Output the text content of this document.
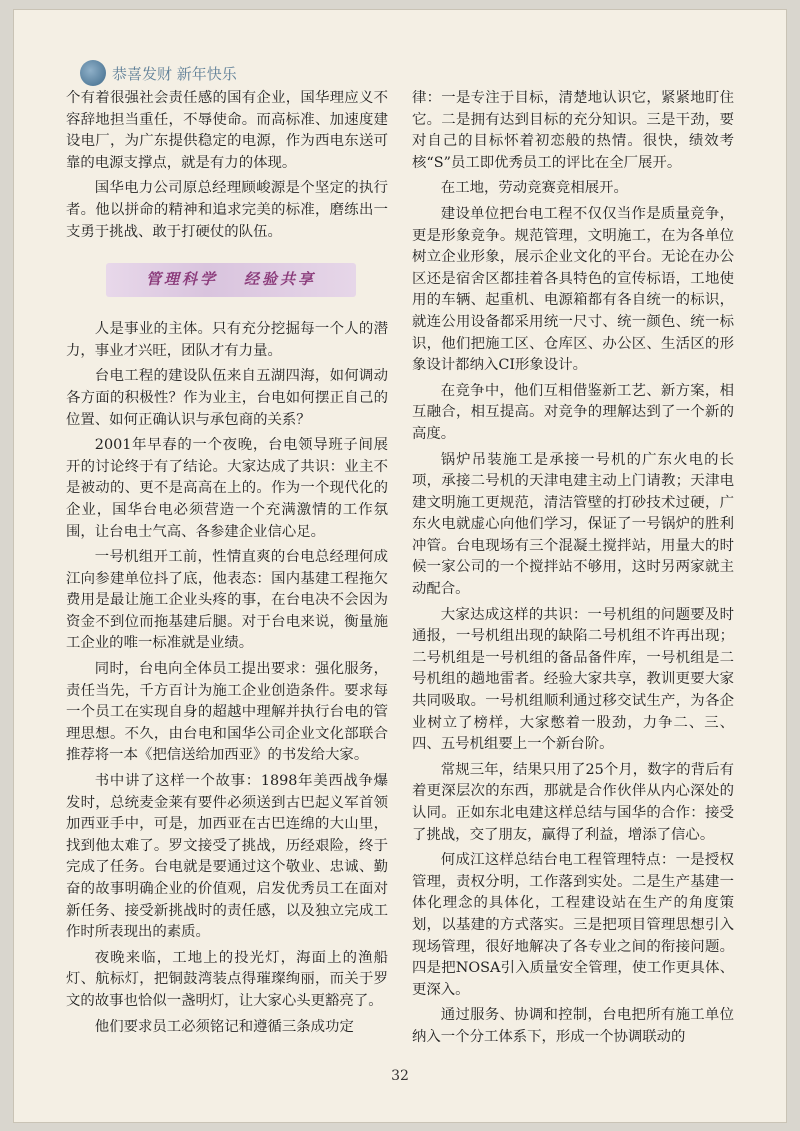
恭喜发财 新年快乐

个有着很强社会责任感的国有企业，国华理应义不容辞地担当重任，不辱使命。而高标准、加速度建设电厂，为广东提供稳定的电源，作为西电东送可靠的电源支撑点，就是有力的体现。

国华电力公司原总经理顾峻源是个坚定的执行者。他以拼命的精神和追求完美的标准，磨练出一支勇于挑战、敢于打硬仗的队伍。

管理科学 经验共享

人是事业的主体。只有充分挖掘每一个人的潜力，事业才兴旺，团队才有力量。

台电工程的建设队伍来自五湖四海，如何调动各方面的积极性？作为业主，台电如何摆正自己的位置、如何正确认识与承包商的关系？

2001年早春的一个夜晚，台电领导班子间展开的讨论终于有了结论。大家达成了共识：业主不是被动的、更不是高高在上的。作为一个现代化的企业，国华台电必须营造一个充满激情的工作氛围，让台电士气高、各参建企业信心足。

一号机组开工前，性情直爽的台电总经理何成江向参建单位抖了底，他表态：国内基建工程拖欠费用是最让施工企业头疼的事，在台电决不会因为资金不到位而拖基建后腿。对于台电来说，衡量施工企业的唯一标准就是业绩。

同时，台电向全体员工提出要求：强化服务，责任当先，千方百计为施工企业创造条件。要求每一个员工在实现自身的超越中理解并执行台电的管理思想。不久，由台电和国华公司企业文化部联合推荐将一本《把信送给加西亚》的书发给大家。

书中讲了这样一个故事：1898年美西战争爆发时，总统麦金莱有要件必须送到古巴起义军首领加西亚手中，可是，加西亚在古巴连绵的大山里，找到他太难了。罗文接受了挑战，历经艰险，终于完成了任务。台电就是要通过这个敬业、忠诚、勤奋的故事明确企业的价值观，启发优秀员工在面对新任务、接受新挑战时的责任感，以及独立完成工作时所表现出的素质。

夜晚来临，工地上的投光灯，海面上的渔船灯、航标灯，把铜鼓湾装点得璀璨绚丽，而关于罗文的故事也恰似一盏明灯，让大家心头更豁亮了。

他们要求员工必须铭记和遵循三条成功定

律：一是专注于目标，清楚地认识它，紧紧地盯住它。二是拥有达到目标的充分知识。三是干劲，要对自己的目标怀着初恋般的热情。很快，绩效考核“S”员工即优秀员工的评比在全厂展开。

在工地，劳动竞赛竞相展开。

建设单位把台电工程不仅仅当作是质量竞争，更是形象竞争。规范管理，文明施工，在为各单位树立企业形象，展示企业文化的平台。无论在办公区还是宿舍区都挂着各具特色的宣传标语，工地使用的车辆、起重机、电源箱都有各自统一的标识，就连公用设备都采用统一尺寸、统一颜色、统一标识，他们把施工区、仓库区、办公区、生活区的形象设计都纳入CI形象设计。

在竞争中，他们互相借鉴新工艺、新方案，相互融合，相互提高。对竞争的理解达到了一个新的高度。

锅炉吊装施工是承接一号机的广东火电的长项，承接二号机的天津电建主动上门请教；天津电建文明施工更规范，清洁管壁的打砂技术过硬，广东火电就虚心向他们学习，保证了一号锅炉的胜利冲管。台电现场有三个混凝土搅拌站，用量大的时候一家公司的一个搅拌站不够用，这时另两家就主动配合。

大家达成这样的共识：一号机组的问题要及时通报，一号机组出现的缺陷二号机组不许再出现；二号机组是一号机组的备品备件库，一号机组是二号机组的趟地雷者。经验大家共享，教训更要大家共同吸取。一号机组顺利通过移交试生产，为各企业树立了榜样，大家憋着一股劲，力争二、三、四、五号机组要上一个新台阶。

常规三年，结果只用了25个月，数字的背后有着更深层次的东西，那就是合作伙伴从内心深处的认同。正如东北电建这样总结与国华的合作：接受了挑战，交了朋友，赢得了利益，增添了信心。

何成江这样总结台电工程管理特点：一是授权管理，责权分明，工作落到实处。二是生产基建一体化理念的具体化，工程建设站在生产的角度策划，以基建的方式落实。三是把项目管理思想引入现场管理，很好地解决了各专业之间的衔接问题。四是把NOSA引入质量安全管理，使工作更具体、更深入。

通过服务、协调和控制，台电把所有施工单位纳入一个分工体系下，形成一个协调联动的

32
